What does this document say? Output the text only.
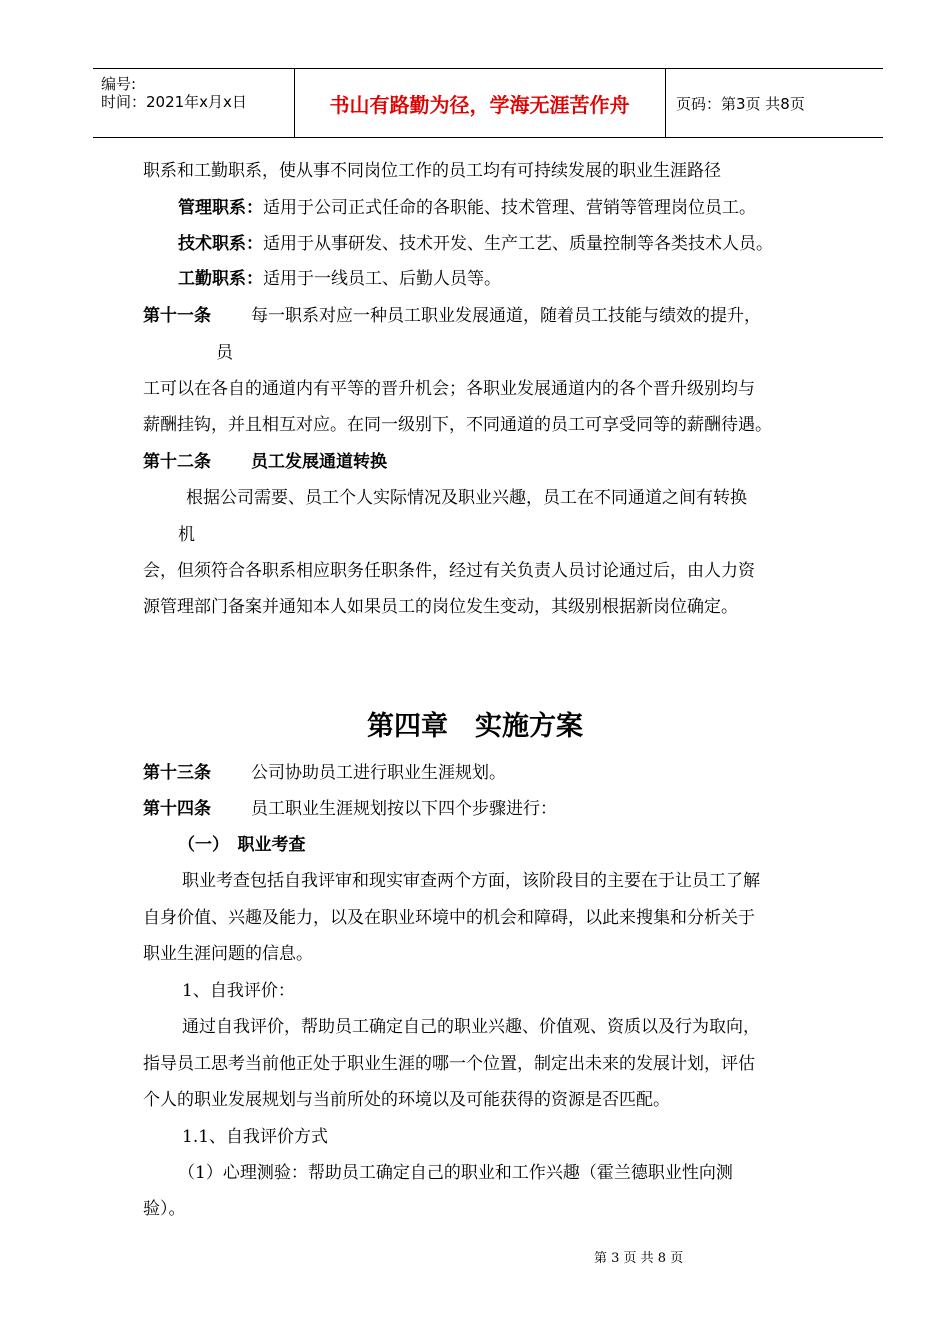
编号:
时间：2021年x月x日	书山有路勤为径，学海无涯苦作舟	页码：第3页 共8页
职系和工勤职系，使从事不同岗位工作的员工均有可持续发展的职业生涯路径
管理职系：适用于公司正式任命的各职能、技术管理、营销等管理岗位员工。
技术职系：适用于从事研发、技术开发、生产工艺、质量控制等各类技术人员。
工勤职系：适用于一线员工、后勤人员等。
第十一条 每一职系对应一种员工职业发展通道，随着员工技能与绩效的提升，
员
工可以在各自的通道内有平等的晋升机会；各职业发展通道内的各个晋升级别均与
薪酬挂钩，并且相互对应。在同一级别下，不同通道的员工可享受同等的薪酬待遇。
第十二条 员工发展通道转换
根据公司需要、员工个人实际情况及职业兴趣，员工在不同通道之间有转换
机
会，但须符合各职系相应职务任职条件，经过有关负责人员讨论通过后，由人力资
源管理部门备案并通知本人如果员工的岗位发生变动，其级别根据新岗位确定。
第四章　实施方案
第十三条 公司协助员工进行职业生涯规划。
第十四条 员工职业生涯规划按以下四个步骤进行：
（一）　职业考查
职业考查包括自我评审和现实审查两个方面，该阶段目的主要在于让员工了解
自身价值、兴趣及能力，以及在职业环境中的机会和障碍，以此来搜集和分析关于
职业生涯问题的信息。
1、自我评价：
通过自我评价，帮助员工确定自己的职业兴趣、价值观、资质以及行为取向，
指导员工思考当前他正处于职业生涯的哪一个位置，制定出未来的发展计划，评估
个人的职业发展规划与当前所处的环境以及可能获得的资源是否匹配。
1.1、自我评价方式
（1）心理测验：帮助员工确定自己的职业和工作兴趣（霍兰德职业性向测
验）。
第 3 页 共 8 页
